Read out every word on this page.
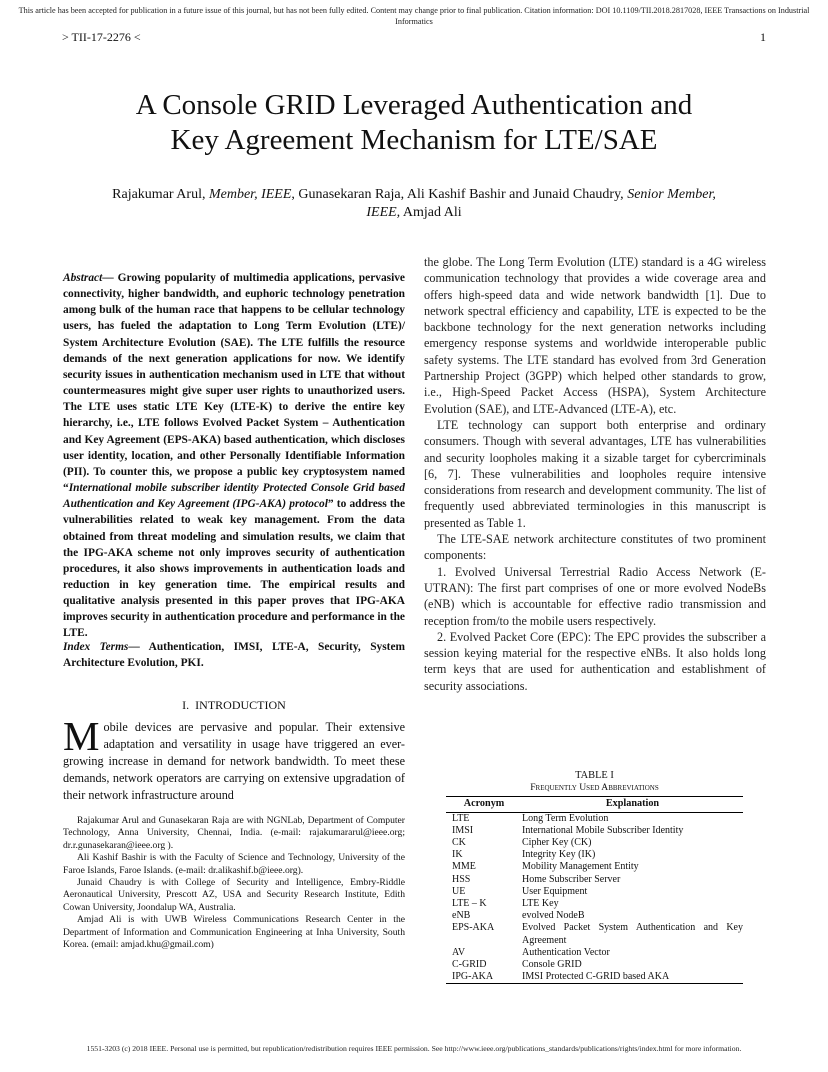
This article has been accepted for publication in a future issue of this journal, but has not been fully edited. Content may change prior to final publication. Citation information: DOI 10.1109/TII.2018.2817028, IEEE Transactions on Industrial Informatics
> TII-17-2276 <	1
A Console GRID Leveraged Authentication and
Key Agreement Mechanism for LTE/SAE
Rajakumar Arul, Member, IEEE, Gunasekaran Raja, Ali Kashif Bashir and Junaid Chaudry, Senior Member, IEEE, Amjad Ali
Abstract— Growing popularity of multimedia applications, pervasive connectivity, higher bandwidth, and euphoric technology penetration among bulk of the human race that happens to be cellular technology users, has fueled the adaptation to Long Term Evolution (LTE)/ System Architecture Evolution (SAE). The LTE fulfills the resource demands of the next generation applications for now. We identify security issues in authentication mechanism used in LTE that without countermeasures might give super user rights to unauthorized users. The LTE uses static LTE Key (LTE-K) to derive the entire key hierarchy, i.e., LTE follows Evolved Packet System – Authentication and Key Agreement (EPS-AKA) based authentication, which discloses user identity, location, and other Personally Identifiable Information (PII). To counter this, we propose a public key cryptosystem named “International mobile subscriber identity Protected Console Grid based Authentication and Key Agreement (IPG-AKA) protocol” to address the vulnerabilities related to weak key management. From the data obtained from threat modeling and simulation results, we claim that the IPG-AKA scheme not only improves security of authentication procedures, it also shows improvements in authentication loads and reduction in key generation time. The empirical results and qualitative analysis presented in this paper proves that IPG-AKA improves security in authentication procedure and performance in the LTE.
Index Terms— Authentication, IMSI, LTE-A, Security, System Architecture Evolution, PKI.
I. INTRODUCTION
Mobile devices are pervasive and popular. Their extensive adaptation and versatility in usage have triggered an ever-growing increase in demand for network bandwidth. To meet these demands, network operators are carrying on extensive upgradation of their network infrastructure around

Rajakumar Arul and Gunasekaran Raja are with NGNLab, Department of Computer Technology, Anna University, Chennai, India. (e-mail: rajakumararul@ieee.org; dr.r.gunasekaran@ieee.org ).

Ali Kashif Bashir is with the Faculty of Science and Technology, University of the Faroe Islands, Faroe Islands. (e-mail: dr.alikashif.b@ieee.org).

Junaid Chaudry is with College of Security and Intelligence, Embry-Riddle Aeronautical University, Prescott AZ, USA and Security Research Institute, Edith Cowan University, Joondalup WA, Australia.

Amjad Ali is with UWB Wireless Communications Research Center in the Department of Information and Communication Engineering at Inha University, South Korea. (email: amjad.khu@gmail.com)

the globe. The Long Term Evolution (LTE) standard is a 4G wireless communication technology that provides a wide coverage area and offers high-speed data and wide network bandwidth [1]. Due to network spectral efficiency and capability, LTE is expected to be the backbone technology for the next generation networks including emergency response systems and worldwide interoperable public safety systems. The LTE standard has evolved from 3rd Generation Partnership Project (3GPP) which helped other standards to grow, i.e., High-Speed Packet Access (HSPA), System Architecture Evolution (SAE), and LTE-Advanced (LTE-A), etc.

LTE technology can support both enterprise and ordinary consumers. Though with several advantages, LTE has vulnerabilities and security loopholes making it a sizable target for cybercriminals [6, 7]. These vulnerabilities and loopholes require intensive considerations from research and development community. The list of frequently used abbreviated terminologies in this manuscript is presented as Table 1.

The LTE-SAE network architecture constitutes of two prominent components:

1. Evolved Universal Terrestrial Radio Access Network (E-UTRAN): The first part comprises of one or more evolved NodeBs (eNB) which is accountable for effective radio transmission and reception from/to the mobile users respectively.

2. Evolved Packet Core (EPC): The EPC provides the subscriber a session keying material for the respective eNBs. It also holds long term keys that are used for authentication and establishment of security associations.

TABLE I
Frequently Used Abbreviations
Acronym	Explanation
LTE	Long Term Evolution
IMSI	International Mobile Subscriber Identity
CK	Cipher Key (CK)
IK	Integrity Key (IK)
MME	Mobility Management Entity
HSS	Home Subscriber Server
UE	User Equipment
LTE – K	LTE Key
eNB	evolved NodeB
EPS-AKA	Evolved Packet System Authentication and Key Agreement
AV	Authentication Vector
C-GRID	Console GRID
IPG-AKA	IMSI Protected C-GRID based AKA
1551-3203 (c) 2018 IEEE. Personal use is permitted, but republication/redistribution requires IEEE permission. See http://www.ieee.org/publications_standards/publications/rights/index.html for more information.
